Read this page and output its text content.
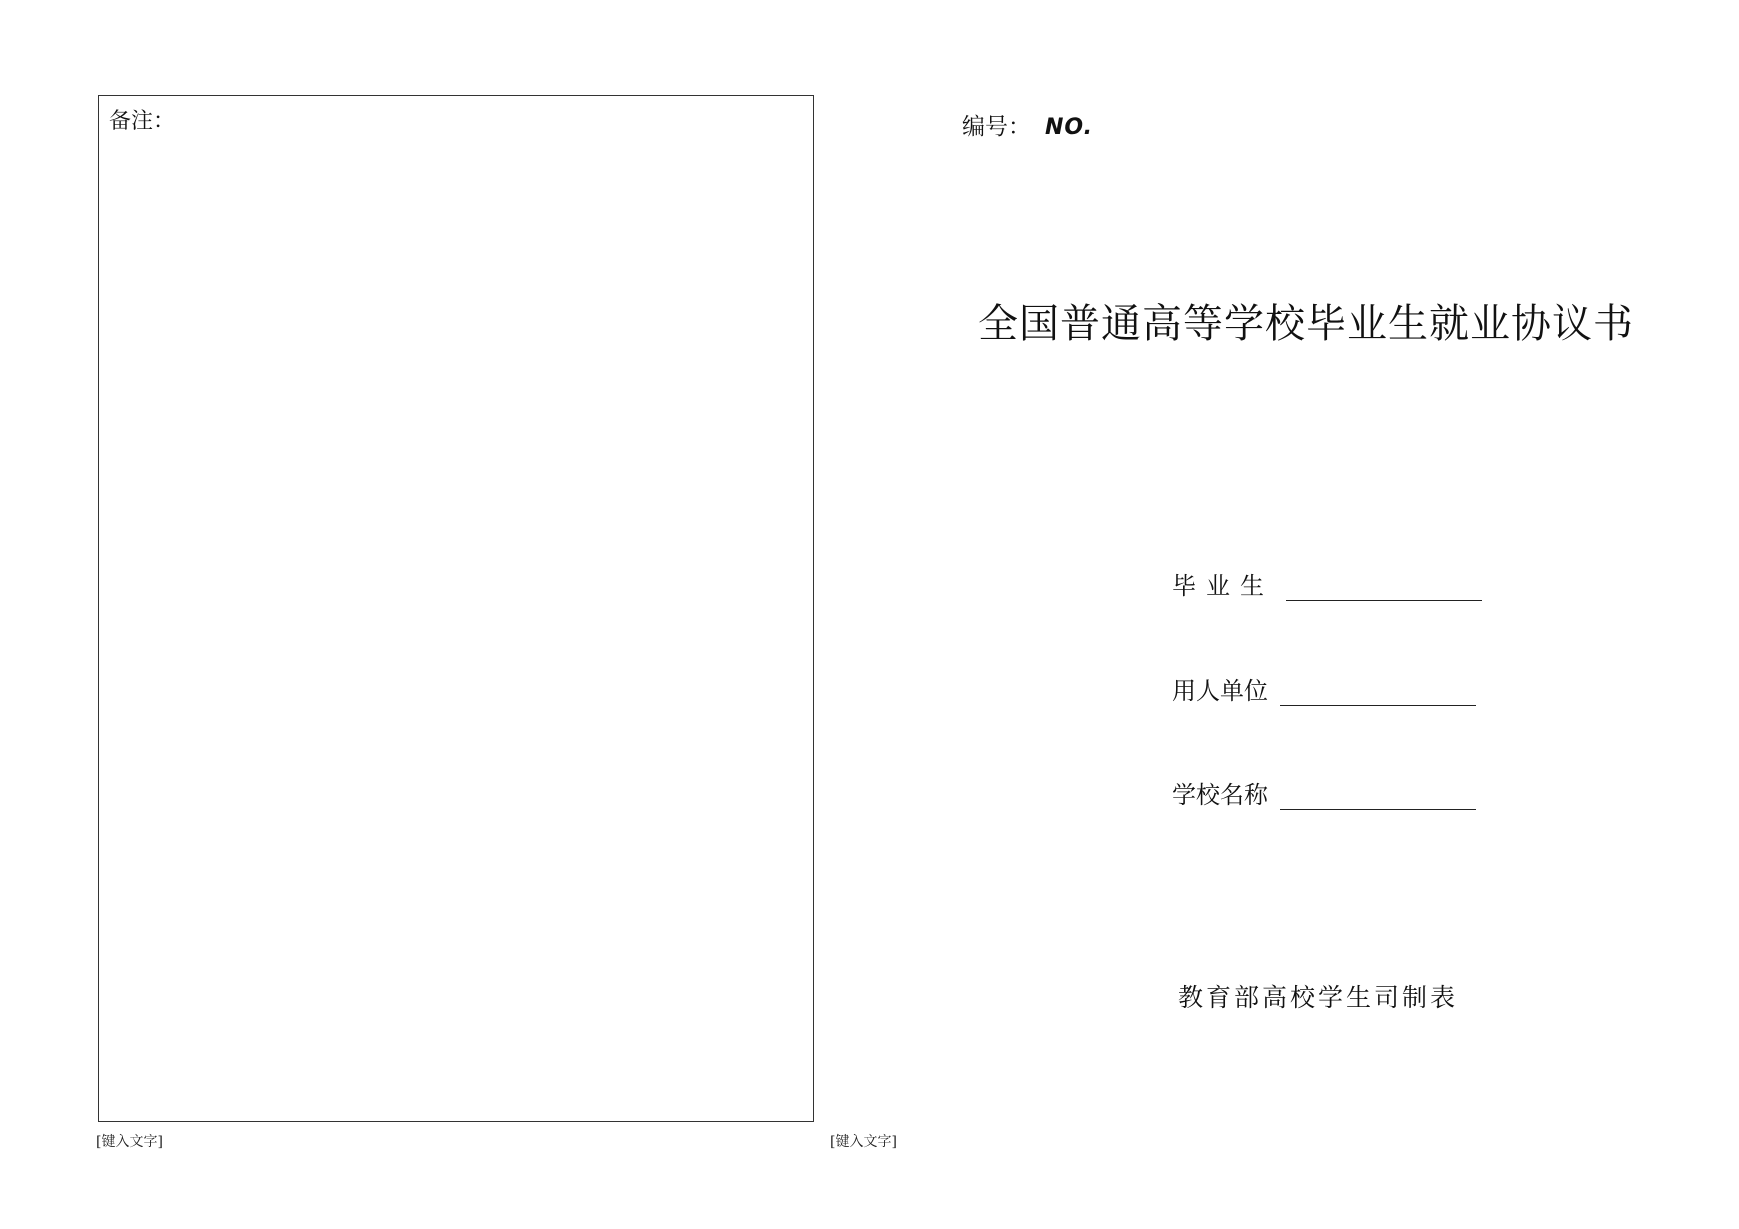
备注：
[键入文字]	[键入文字]
编号： NO.
全国普通高等学校毕业生就业协议书
毕业生
用人单位
学校名称
教育部高校学生司制表
